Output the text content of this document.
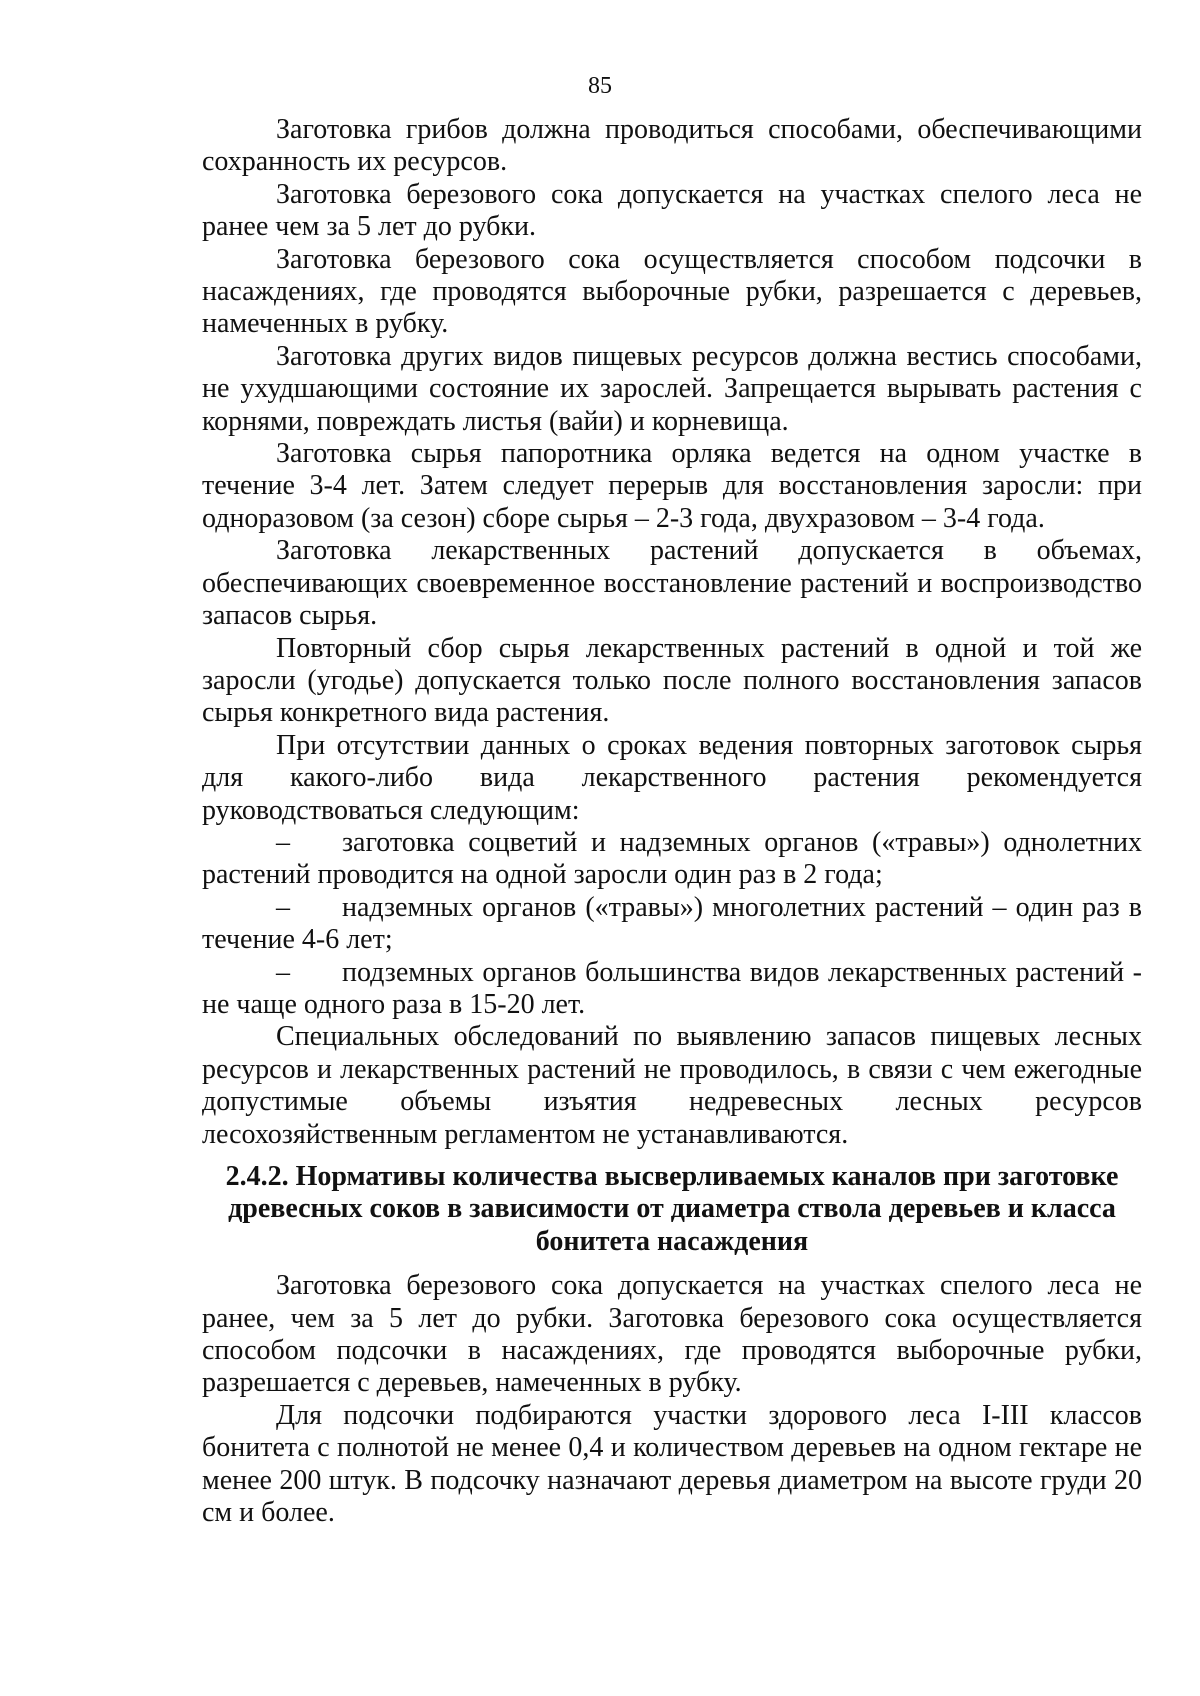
85

Заготовка грибов должна проводиться способами, обеспечивающими сохранность их ресурсов.

Заготовка березового сока допускается на участках спелого леса не ранее чем за 5 лет до рубки.

Заготовка березового сока осуществляется способом подсочки в насаждениях, где проводятся выборочные рубки, разрешается с деревьев, намеченных в рубку.

Заготовка других видов пищевых ресурсов должна вестись способами, не ухудшающими состояние их зарослей. Запрещается вырывать растения с корнями, повреждать листья (вайи) и корневища.

Заготовка сырья папоротника орляка ведется на одном участке в течение 3-4 лет. Затем следует перерыв для восстановления заросли: при одноразовом (за сезон) сборе сырья – 2-3 года, двухразовом – 3-4 года.

Заготовка лекарственных растений допускается в объемах, обеспечивающих своевременное восстановление растений и воспроизводство запасов сырья.

Повторный сбор сырья лекарственных растений в одной и той же заросли (угодье) допускается только после полного восстановления запасов сырья конкретного вида растения.

При отсутствии данных о сроках ведения повторных заготовок сырья для какого-либо вида лекарственного растения рекомендуется руководствоваться следующим:

– заготовка соцветий и надземных органов («травы») однолетних растений проводится на одной заросли один раз в 2 года;

– надземных органов («травы») многолетних растений – один раз в течение 4-6 лет;

– подземных органов большинства видов лекарственных растений - не чаще одного раза в 15-20 лет.

Специальных обследований по выявлению запасов пищевых лесных ресурсов и лекарственных растений не проводилось, в связи с чем ежегодные допустимые объемы изъятия недревесных лесных ресурсов лесохозяйственным регламентом не устанавливаются.

2.4.2. Нормативы количества высверливаемых каналов при заготовке древесных соков в зависимости от диаметра ствола деревьев и класса бонитета насаждения

Заготовка березового сока допускается на участках спелого леса не ранее, чем за 5 лет до рубки. Заготовка березового сока осуществляется способом подсочки в насаждениях, где проводятся выборочные рубки, разрешается с деревьев, намеченных в рубку.

Для подсочки подбираются участки здорового леса I-III классов бонитета с полнотой не менее 0,4 и количеством деревьев на одном гектаре не менее 200 штук. В подсочку назначают деревья диаметром на высоте груди 20 см и более.
